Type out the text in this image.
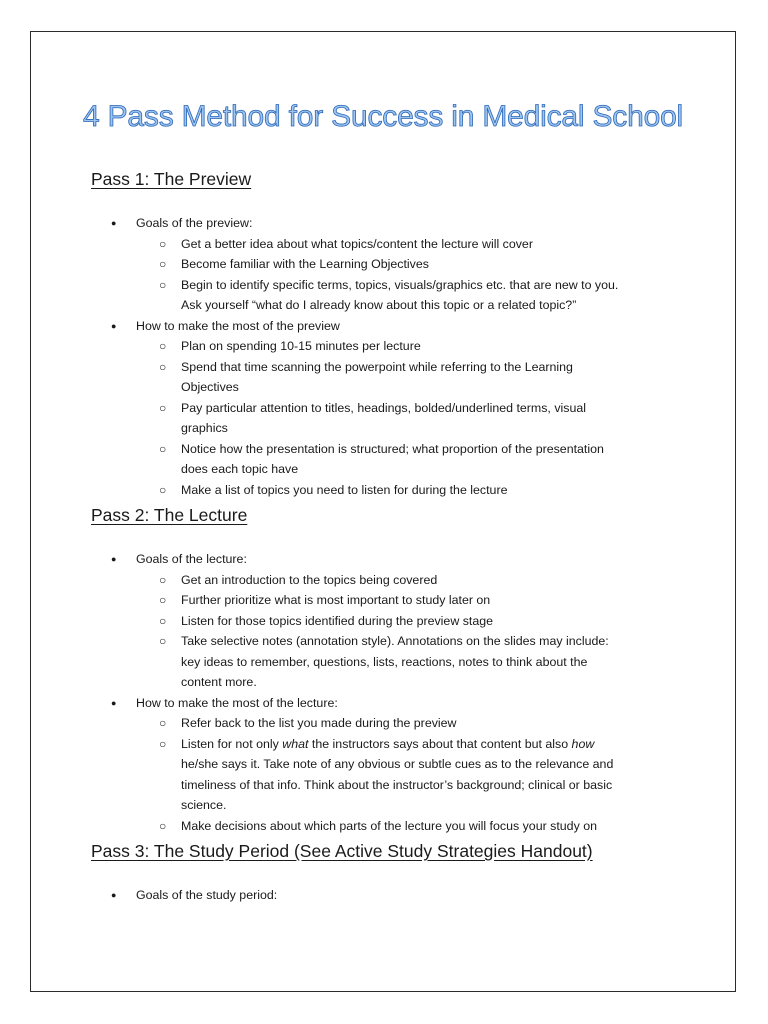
4 Pass Method for Success in Medical School
Pass 1: The Preview
● Goals of the preview:
○ Get a better idea about what topics/content the lecture will cover
○ Become familiar with the Learning Objectives
○ Begin to identify specific terms, topics, visuals/graphics etc. that are new to you.
Ask yourself “what do I already know about this topic or a related topic?”
● How to make the most of the preview
○ Plan on spending 10-15 minutes per lecture
○ Spend that time scanning the powerpoint while referring to the Learning
Objectives
○ Pay particular attention to titles, headings, bolded/underlined terms, visual
graphics
○ Notice how the presentation is structured; what proportion of the presentation
does each topic have
○ Make a list of topics you need to listen for during the lecture
Pass 2: The Lecture
● Goals of the lecture:
○ Get an introduction to the topics being covered
○ Further prioritize what is most important to study later on
○ Listen for those topics identified during the preview stage
○ Take selective notes (annotation style). Annotations on the slides may include:
key ideas to remember, questions, lists, reactions, notes to think about the
content more.
● How to make the most of the lecture:
○ Refer back to the list you made during the preview
○ Listen for not only what the instructors says about that content but also how
he/she says it. Take note of any obvious or subtle cues as to the relevance and
timeliness of that info. Think about the instructor’s background; clinical or basic
science.
○ Make decisions about which parts of the lecture you will focus your study on
Pass 3: The Study Period (See Active Study Strategies Handout)
● Goals of the study period:
